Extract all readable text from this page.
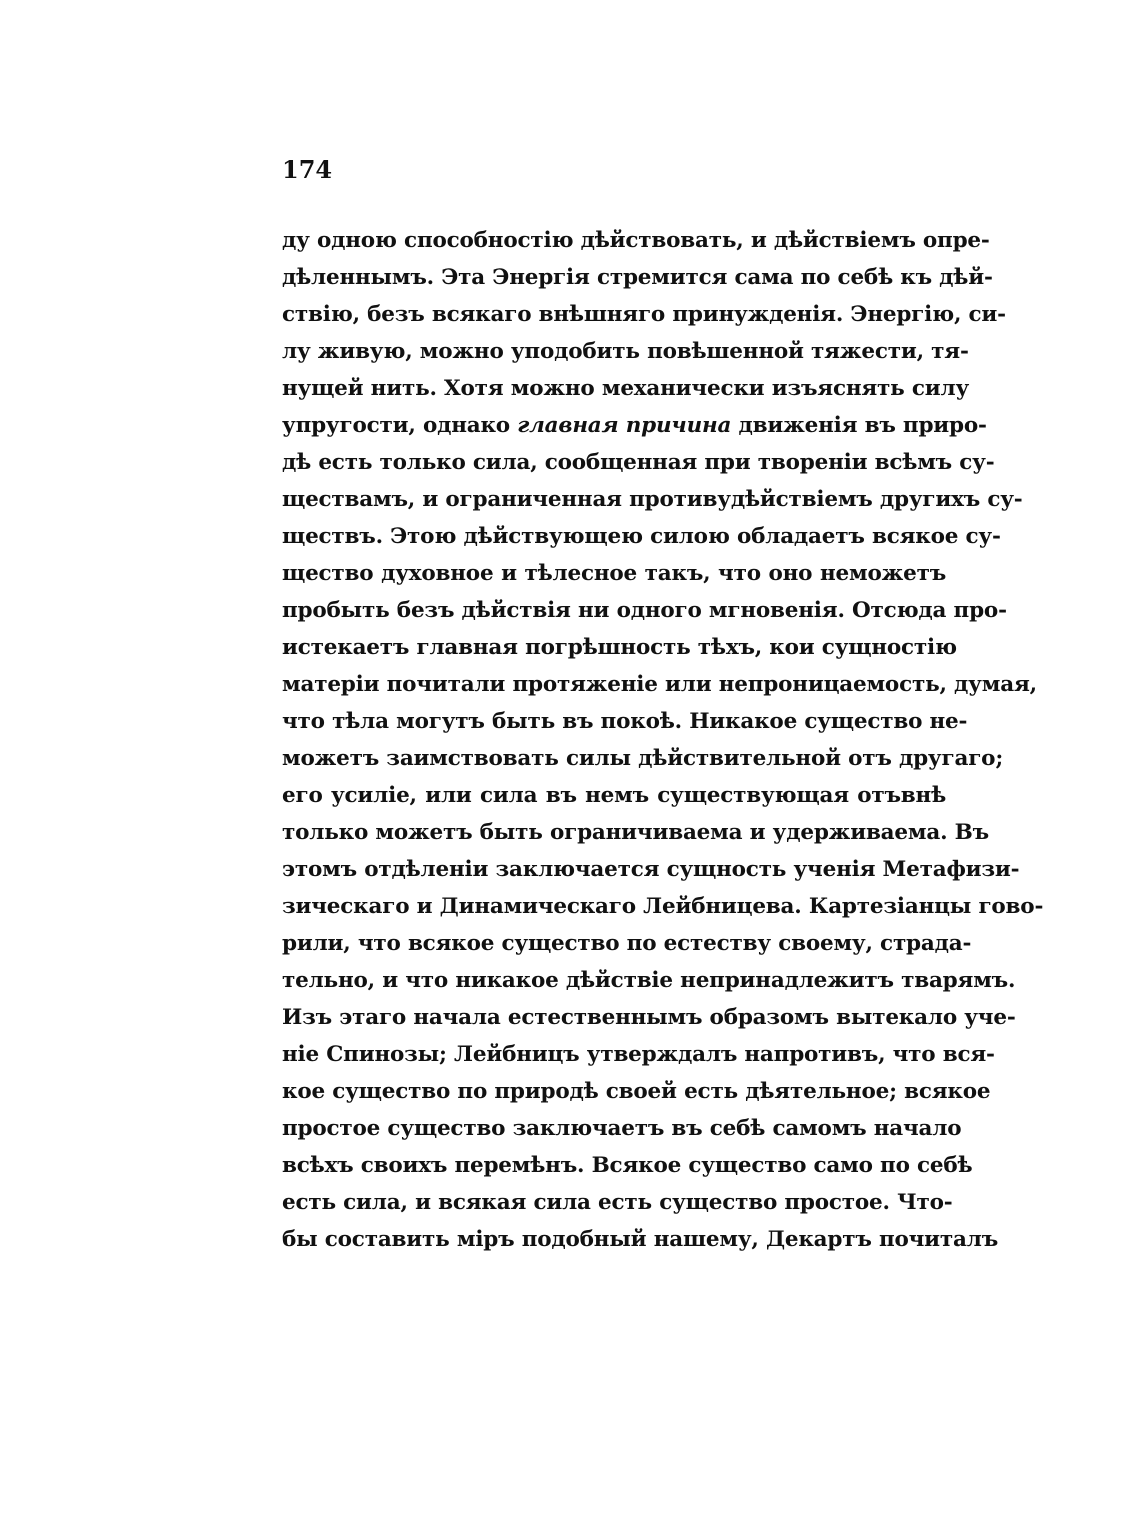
174
ду одною способностію дѣйствовать, и дѣйствіемъ опре-
дѣленнымъ. Эта Энергія стремится сама по себѣ къ дѣй-
ствію, безъ всякаго внѣшняго принужденія. Энергію, си-
лу живую, можно уподобить повѣшенной тяжести, тя-
нущей нить. Хотя можно механически изъяснять силу
упругости, однако главная причина движенія въ приро-
дѣ есть только сила, сообщенная при твореніи всѣмъ су-
ществамъ, и ограниченная противудѣйствіемъ другихъ су-
ществъ. Этою дѣйствующею силою обладаетъ всякое су-
щество духовное и тѣлесное такъ, что оно неможетъ
пробыть безъ дѣйствія ни одного мгновенія. Отсюда про-
истекаетъ главная погрѣшность тѣхъ, кои сущностію
матеріи почитали протяженіе или непроницаемость, думая,
что тѣла могутъ быть въ покоѣ. Никакое существо не-
можетъ заимствовать силы дѣйствительной отъ другаго;
его усиліе, или сила въ немъ существующая отъвнѣ
только можетъ быть ограничиваема и удерживаема. Въ
этомъ отдѣленіи заключается сущность ученія Метафизи-
зическаго и Динамическаго Лейбницева. Картезіанцы гово-
рили, что всякое существо по естеству своему, страда-
тельно, и что никакое дѣйствіе непринадлежитъ тварямъ.
Изъ этаго начала естественнымъ образомъ вытекало уче-
ніе Спинозы; Лейбницъ утверждалъ напротивъ, что вся-
кое существо по природѣ своей есть дѣятельное; всякое
простое существо заключаетъ въ себѣ самомъ начало
всѣхъ своихъ перемѣнъ. Всякое существо само по себѣ
есть сила, и всякая сила есть существо простое. Что-
бы составить міръ подобный нашему, Декартъ почиталъ
